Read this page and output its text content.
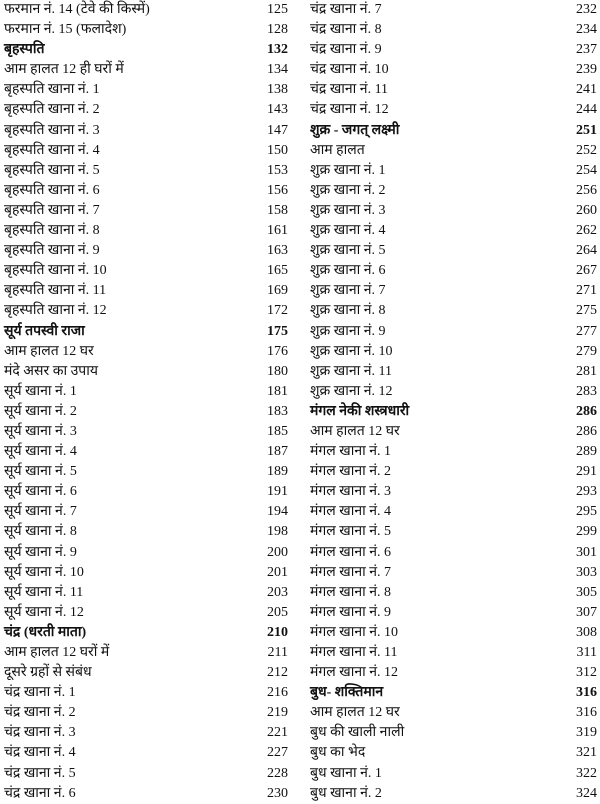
फरमान नं. 14 (टेवे की किस्में)	125
फरमान नं. 15 (फलादेश)	128
बृहस्पति	132
आम हालत 12 ही घरों में	134
बृहस्पति खाना नं. 1	138
बृहस्पति खाना नं. 2	143
बृहस्पति खाना नं. 3	147
बृहस्पति खाना नं. 4	150
बृहस्पति खाना नं. 5	153
बृहस्पति खाना नं. 6	156
बृहस्पति खाना नं. 7	158
बृहस्पति खाना नं. 8	161
बृहस्पति खाना नं. 9	163
बृहस्पति खाना नं. 10	165
बृहस्पति खाना नं. 11	169
बृहस्पति खाना नं. 12	172
सूर्य तपस्वी राजा	175
आम हालत 12 घर	176
मंदे असर का उपाय	180
सूर्य खाना नं. 1	181
सूर्य खाना नं. 2	183
सूर्य खाना नं. 3	185
सूर्य खाना नं. 4	187
सूर्य खाना नं. 5	189
सूर्य खाना नं. 6	191
सूर्य खाना नं. 7	194
सूर्य खाना नं. 8	198
सूर्य खाना नं. 9	200
सूर्य खाना नं. 10	201
सूर्य खाना नं. 11	203
सूर्य खाना नं. 12	205
चंद्र (धरती माता)	210
आम हालत 12 घरों में	211
दूसरे ग्रहों से संबंध	212
चंद्र खाना नं. 1	216
चंद्र खाना नं. 2	219
चंद्र खाना नं. 3	221
चंद्र खाना नं. 4	227
चंद्र खाना नं. 5	228
चंद्र खाना नं. 6	230
चंद्र खाना नं. 7	232
चंद्र खाना नं. 8	234
चंद्र खाना नं. 9	237
चंद्र खाना नं. 10	239
चंद्र खाना नं. 11	241
चंद्र खाना नं. 12	244
शुक्र - जगत् लक्ष्मी	251
आम हालत	252
शुक्र खाना नं. 1	254
शुक्र खाना नं. 2	256
शुक्र खाना नं. 3	260
शुक्र खाना नं. 4	262
शुक्र खाना नं. 5	264
शुक्र खाना नं. 6	267
शुक्र खाना नं. 7	271
शुक्र खाना नं. 8	275
शुक्र खाना नं. 9	277
शुक्र खाना नं. 10	279
शुक्र खाना नं. 11	281
शुक्र खाना नं. 12	283
मंगल नेकी शस्त्रधारी	286
आम हालत 12 घर	286
मंगल खाना नं. 1	289
मंगल खाना नं. 2	291
मंगल खाना नं. 3	293
मंगल खाना नं. 4	295
मंगल खाना नं. 5	299
मंगल खाना नं. 6	301
मंगल खाना नं. 7	303
मंगल खाना नं. 8	305
मंगल खाना नं. 9	307
मंगल खाना नं. 10	308
मंगल खाना नं. 11	311
मंगल खाना नं. 12	312
बुध- शक्तिमान	316
आम हालत 12 घर	316
बुध की खाली नाली	319
बुध का भेद	321
बुध खाना नं. 1	322
बुध खाना नं. 2	324
